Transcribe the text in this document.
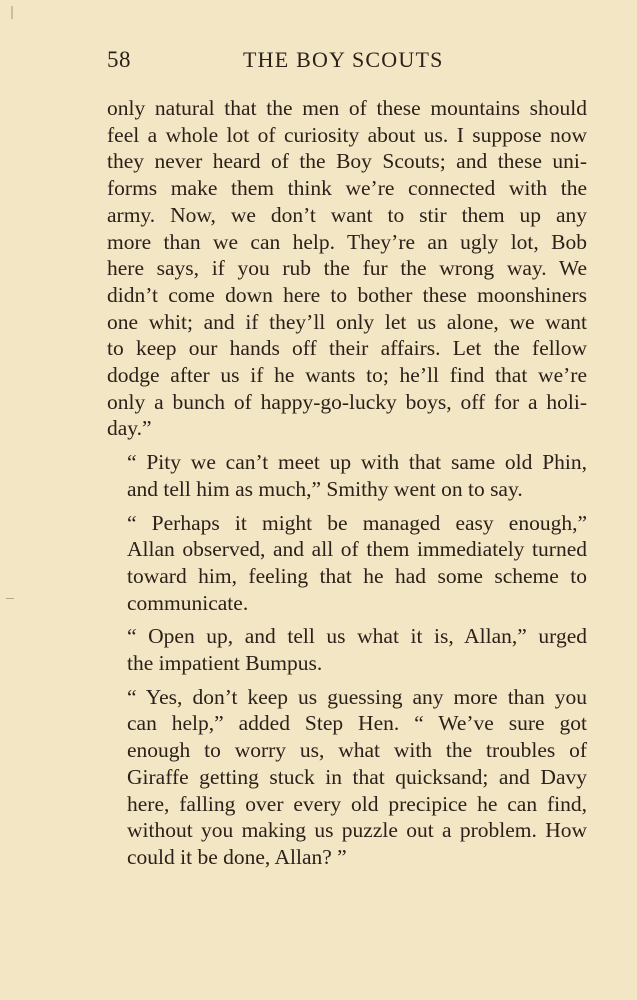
58	THE BOY SCOUTS

only natural that the men of these mountains should
feel a whole lot of curiosity about us. I suppose now
they never heard of the Boy Scouts; and these uni-
forms make them think we’re connected with the
army. Now, we don’t want to stir them up any
more than we can help. They’re an ugly lot, Bob
here says, if you rub the fur the wrong way. We
didn’t come down here to bother these moonshiners
one whit; and if they’ll only let us alone, we want
to keep our hands off their affairs. Let the fellow
dodge after us if he wants to; he’ll find that we’re
only a bunch of happy-go-lucky boys, off for a holi-
day.”

“ Pity we can’t meet up with that same old Phin,
and tell him as much,” Smithy went on to say.

“ Perhaps it might be managed easy enough,”
Allan observed, and all of them immediately turned
toward him, feeling that he had some scheme to
communicate.

“ Open up, and tell us what it is, Allan,” urged
the impatient Bumpus.

“ Yes, don’t keep us guessing any more than you
can help,” added Step Hen. “ We’ve sure got
enough to worry us, what with the troubles of
Giraffe getting stuck in that quicksand; and Davy
here, falling over every old precipice he can find,
without you making us puzzle out a problem. How
could it be done, Allan? ”
